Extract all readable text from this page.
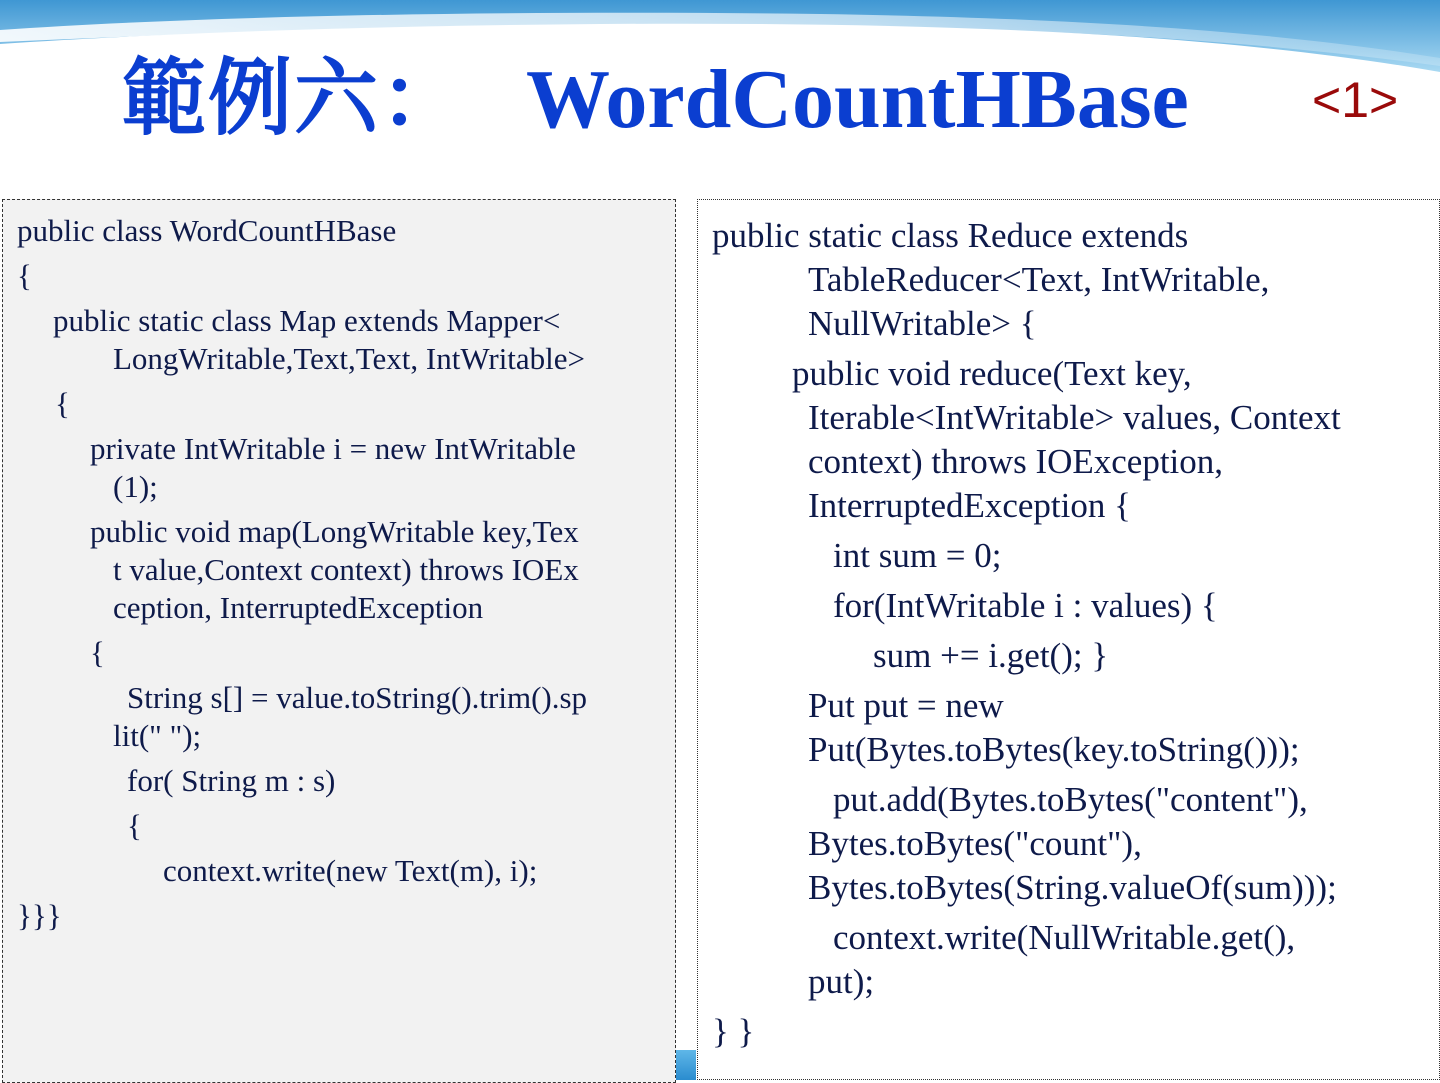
範例六： WordCountHBase <1>
public class WordCountHBase
{
public static class Map extends Mapper<
LongWritable,Text,Text, IntWritable>
{
private IntWritable i = new IntWritable
(1);
public void map(LongWritable key,Tex
t value,Context context) throws IOEx
ception, InterruptedException
{
String s[] = value.toString().trim().sp
lit(" ");
for( String m : s)
{
context.write(new Text(m), i);
}}}
public static class Reduce extends
TableReducer<Text, IntWritable,
NullWritable> {
public void reduce(Text key,
Iterable<IntWritable> values, Context
context) throws IOException,
InterruptedException {
int sum = 0;
for(IntWritable i : values) {
sum += i.get(); }
Put put = new
Put(Bytes.toBytes(key.toString()));
put.add(Bytes.toBytes("content"),
Bytes.toBytes("count"),
Bytes.toBytes(String.valueOf(sum)));
context.write(NullWritable.get(),
put);
} }
